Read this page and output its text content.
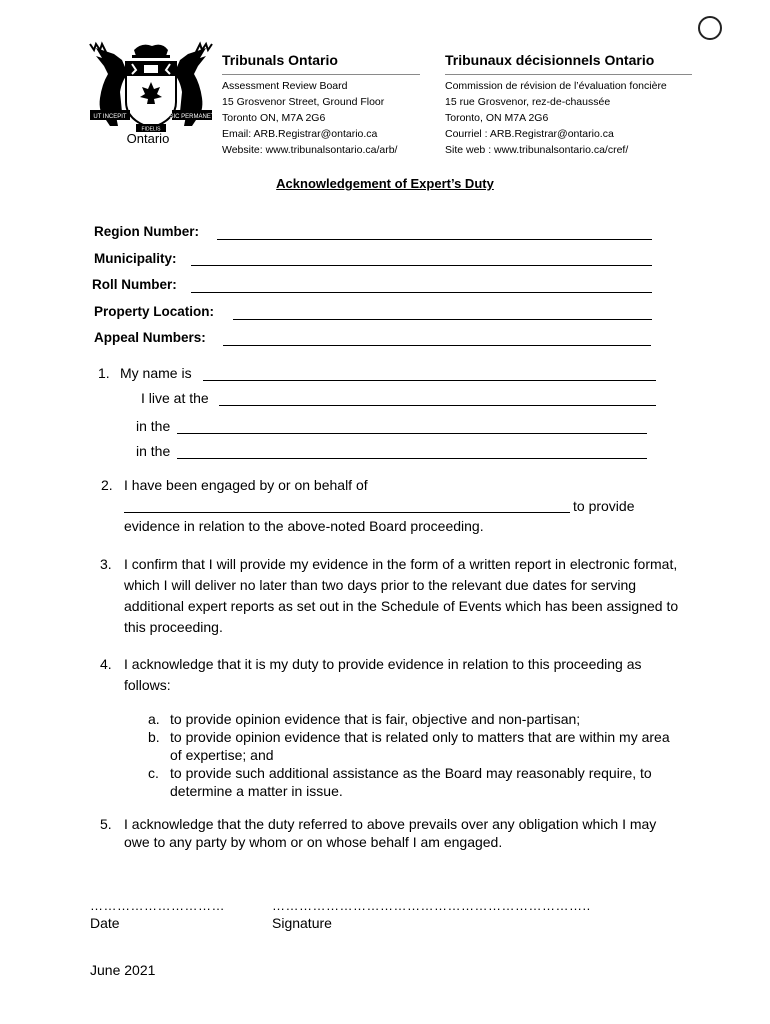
UT INCEPIT	SIC PERMANET
FIDELIS
Ontario
Tribunals Ontario	Tribunaux décisionnels Ontario
Assessment Review Board
15 Grosvenor Street, Ground Floor
Toronto ON, M7A 2G6
Email: ARB.Registrar@ontario.ca
Website: www.tribunalsontario.ca/arb/
Commission de révision de l’évaluation foncière
15 rue Grosvenor, rez-de-chaussée
Toronto, ON M7A 2G6
Courriel : ARB.Registrar@ontario.ca
Site web : www.tribunalsontario.ca/cref/
Acknowledgement of Expert’s Duty
Region Number:
Municipality:
Roll Number:
Property Location:
Appeal Numbers:
1. My name is
I live at the
in the
in the
2. I have been engaged by or on behalf of
to provide
evidence in relation to the above-noted Board proceeding.
3. I confirm that I will provide my evidence in the form of a written report in electronic format, which I will deliver no later than two days prior to the relevant due dates for serving additional expert reports as set out in the Schedule of Events which has been assigned to this proceeding.
4. I acknowledge that it is my duty to provide evidence in relation to this proceeding as follows:
a. to provide opinion evidence that is fair, objective and non-partisan;
b. to provide opinion evidence that is related only to matters that are within my area of expertise; and
c. to provide such additional assistance as the Board may reasonably require, to determine a matter in issue.
5. I acknowledge that the duty referred to above prevails over any obligation which I may owe to any party by whom or on whose behalf I am engaged.
…………………………	……………………………………………………………..
Date	Signature
June 2021
